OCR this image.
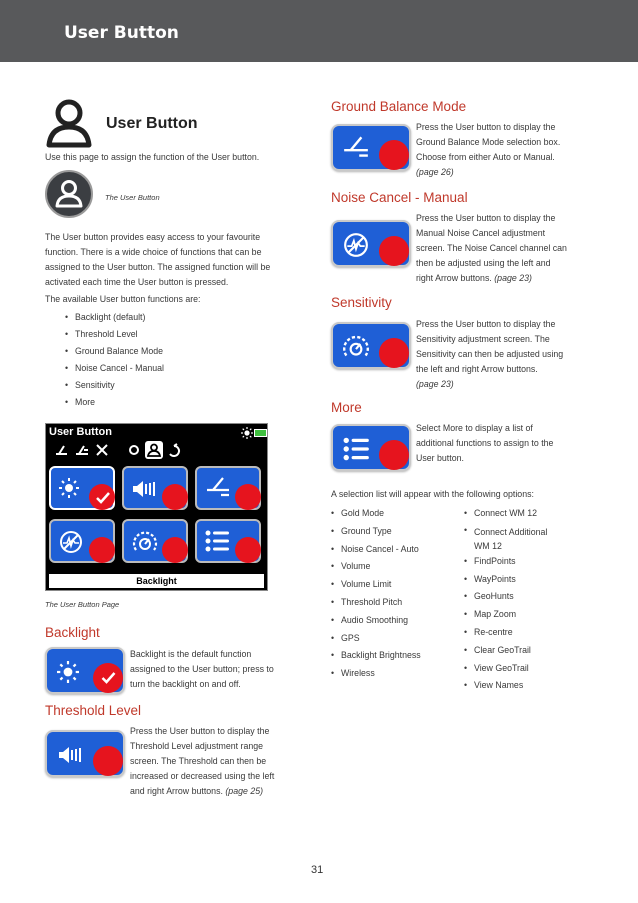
User Button
User Button
Use this page to assign the function of the User button.
The User Button
The User button provides easy access to your favourite
function. There is a wide choice of functions that can be
assigned to the User button. The assigned function will be
activated each time the User button is pressed.
The available User button functions are:
• Backlight (default)
• Threshold Level
• Ground Balance Mode
• Noise Cancel - Manual
• Sensitivity
• More
User Button
Backlight
The User Button Page
Backlight
Backlight is the default function
assigned to the User button; press to
turn the backlight on and off.
Threshold Level
Press the User button to display the
Threshold Level adjustment range
screen. The Threshold can then be
increased or decreased using the left
and right Arrow buttons. (page 25)
Ground Balance Mode
Press the User button to display the
Ground Balance Mode selection box.
Choose from either Auto or Manual.
(page 26)
Noise Cancel - Manual
Press the User button to display the
Manual Noise Cancel adjustment
screen. The Noise Cancel channel can
then be adjusted using the left and
right Arrow buttons. (page 23)
Sensitivity
Press the User button to display the
Sensitivity adjustment screen. The
Sensitivity can then be adjusted using
the left and right Arrow buttons.
(page 23)
More
Select More to display a list of
additional functions to assign to the
User button.
A selection list will appear with the following options:
• Gold Mode
• Ground Type
• Noise Cancel - Auto
• Volume
• Volume Limit
• Threshold Pitch
• Audio Smoothing
• GPS
• Backlight Brightness
• Wireless
• Connect WM 12
• Connect Additional
WM 12
• FindPoints
• WayPoints
• GeoHunts
• Map Zoom
• Re-centre
• Clear GeoTrail
• View GeoTrail
• View Names
31
